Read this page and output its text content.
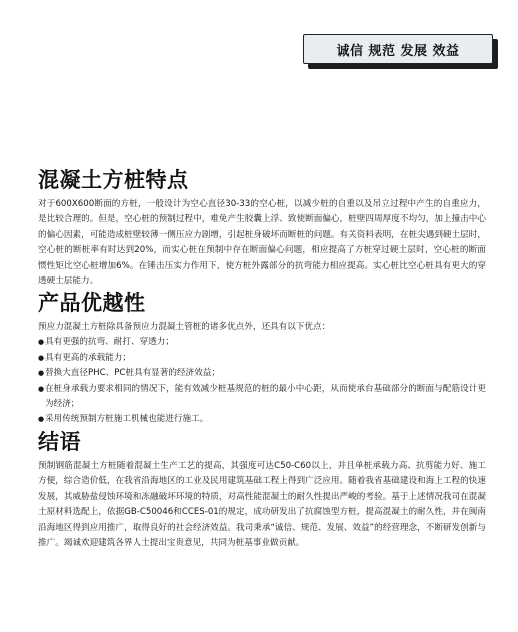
诚信 规范 发展 效益
混凝土方桩特点

对于600X600断面的方桩，一般设计为空心直径30-33的空心桩，以减少桩的自重以及吊立过程中产生的自重应力，是比较合理的。但是，空心桩的预制过程中，难免产生胶囊上浮、致使断面偏心，桩壁四周厚度不均匀，加上撞击中心的偏心因素，可能造成桩壁较薄一侧压应力剧增，引起桩身破坏而断桩的问题。有关资料表明，在桩尖遇到硬土层时，空心桩的断桩率有时达到20%，而实心桩在预制中存在断面偏心问题，相应提高了方桩穿过硬土层时，空心桩的断面惯性矩比空心桩增加6%。在锤击压实力作用下，使方桩外露部分的抗弯能力相应提高。实心桩比空心桩具有更大的穿透硬土层能力。

产品优越性

预应力混凝土方桩除具备预应力混凝土管桩的诸多优点外，还具有以下优点：

● 具有更强的抗弯、耐打、穿透力；
● 具有更高的承载能力；
● 替换大直径PHC、PC桩具有显著的经济效益；
● 在桩身承载力要求相同的情况下，能有效减少桩基规范的桩的最小中心距，从而使承台基础部分的断面与配筋设计更为经济；
● 采用传统预制方桩施工机械也能进行施工。
结语

预制钢筋混凝土方桩随着混凝土生产工艺的提高，其强度可达C50-C60以上，并且单桩承载力高、抗剪能力好、施工方便，综合造价低，在我省沿海地区的工业及民用建筑基础工程上得到广泛应用。随着我省基础建设和海上工程的快速发展，其威胁盐侵蚀环境和冻融破坏环境的特质，对高性能混凝土的耐久性提出严峻的考验。基于上述情况我司在混凝土原材料选配上，依据GB-C50046和CCES-01的规定，成功研发出了抗腐蚀型方桩，提高混凝土的耐久性，并在闽南沿海地区得到应用推广，取得良好的社会经济效益。我司秉承“诚信、规范、发展、效益”的经营理念，不断研发创新与推广。竭诚欢迎建筑各界人士提出宝贵意见，共同为桩基事业做贡献。
